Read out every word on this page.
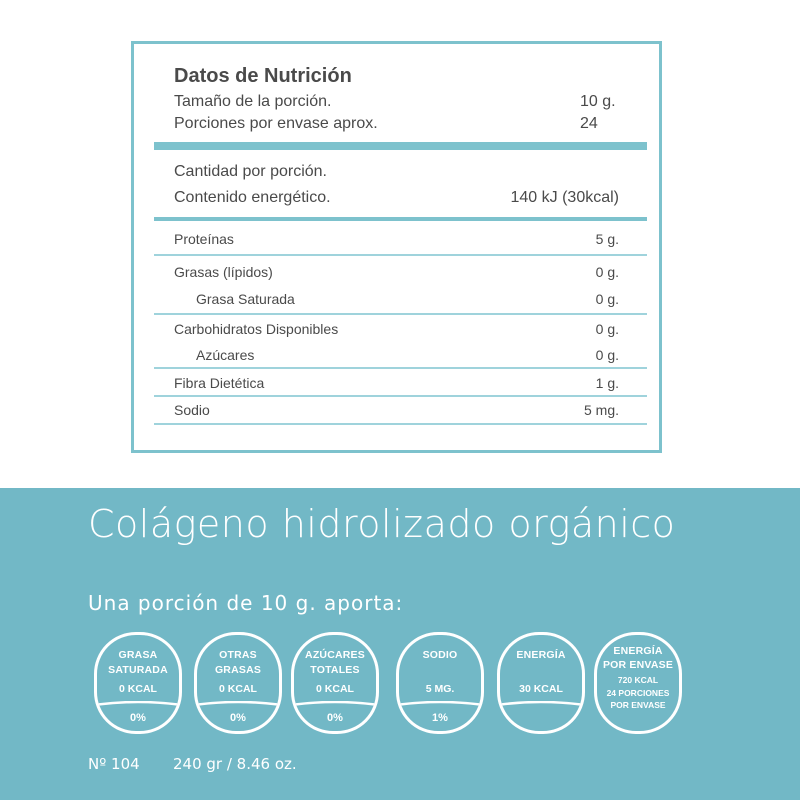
Datos de Nutrición
Tamaño de la porción.	10 g.
Porciones por envase aprox.	24
Cantidad por porción.
Contenido energético.	140 kJ (30kcal)
Proteínas	5 g.
Grasas (lípidos)	0 g.
Grasa Saturada	0 g.
Carbohidratos Disponibles	0 g.
Azúcares	0 g.
Fibra Dietética	1 g.
Sodio	5 mg.
Colágeno hidrolizado orgánico
Una porción de 10 g. aporta:
GRASA
SATURADA
0 KCAL
0%
OTRAS
GRASAS
0 KCAL
0%
AZÚCARES
TOTALES
0 KCAL
0%
SODIO
5 MG.
1%
ENERGÍA
30 KCAL
ENERGÍA
POR ENVASE
720 KCAL
24 PORCIONES
POR ENVASE
Nº 104 240 gr / 8.46 oz.
